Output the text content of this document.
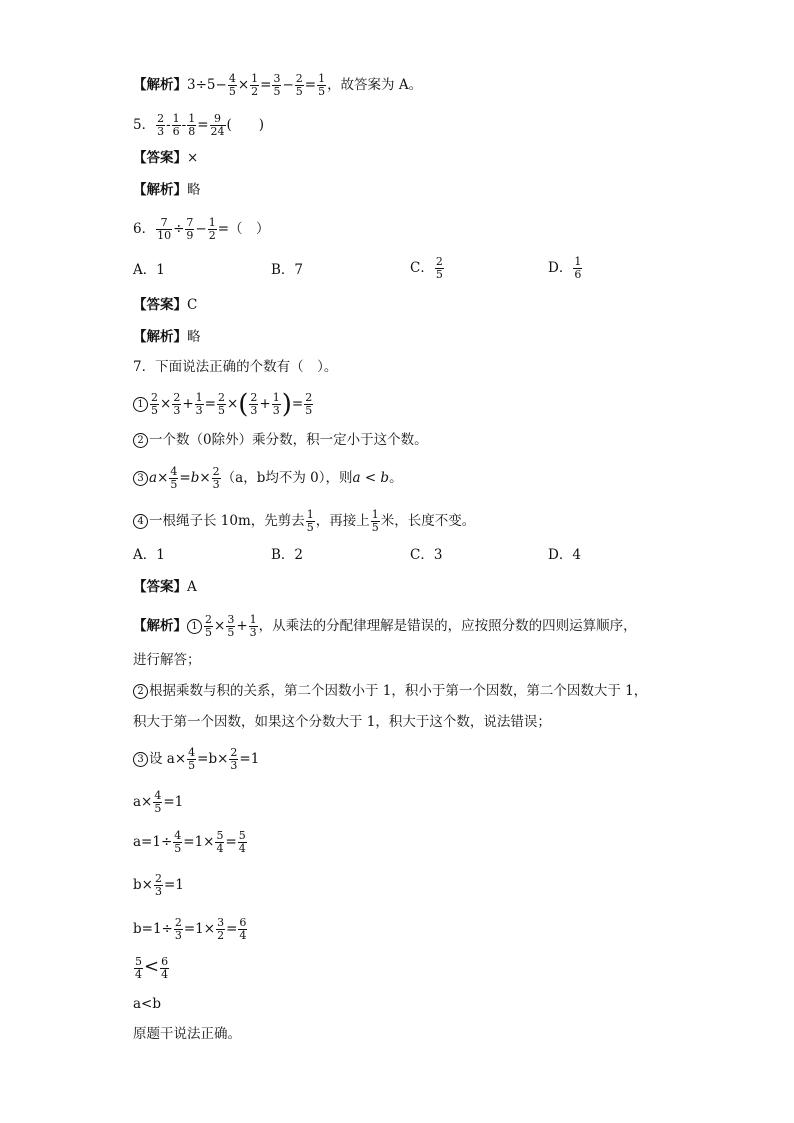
【解析】$3\div 5- \frac{4}{5} \times \frac{1}{2} = \frac{3}{5} - \frac{2}{5} = \frac{1}{5}$ ，故答案为 A。
5． $\frac{2}{3} - \frac{1}{6} - \frac{1}{8} = \frac{9}{24}$ (　　)
【答案】×
【解析】略
6． $\frac{7}{10} \div \frac{7}{9} - \frac{1}{2}$ =（　）
A．1	B．7	C． $\frac{2}{5}$	D． $\frac{1}{6}$
【答案】C
【解析】略
7．下面说法正确的个数有（　）。
$1 \frac{2}{5} \times \frac{2}{3} + \frac{1}{3} = \frac{2}{5}$ ×( $\frac{2}{3} + \frac{1}{3}$ )= $\frac{2}{5}$
2 一个数（0除外）乘分数，积一定小于这个数。
3 $a\times \frac{4}{5} =b\times \frac{2}{3} (a$，b均不为 0），则a < b。
4 一根绳子长 10m，先剪去 $\frac{1}{5}$ ，再接上 $\frac{1}{5}$ 米，长度不变。
A．1	B．2	C．3	D．4
【答案】A
【解析】 $1 \frac{2}{5} \times \frac{3}{5} + \frac{1}{3}$ ，从乘法的分配律理解是错误的，应按照分数的四则运算顺序，
进行解答；
2 根据乘数与积的关系，第二个因数小于 1，积小于第一个因数，第二个因数大于 1，
积大于第一个因数，如果这个分数大于 1，积大于这个数，说法错误；
3 设 $a\times \frac{4}{5} =b\times \frac{2}{3} =1$
$a\times \frac{4}{5} =1$
$a=1\div \frac{4}{5} =1\times \frac{5}{4} = \frac{5}{4}$
$b\times \frac{2}{3} =1$
$b=1\div \frac{2}{3} =1\times \frac{3}{2} = \frac{6}{4}$
$\frac{5}{4} < \frac{6}{4}$
a<b
原题干说法正确。
